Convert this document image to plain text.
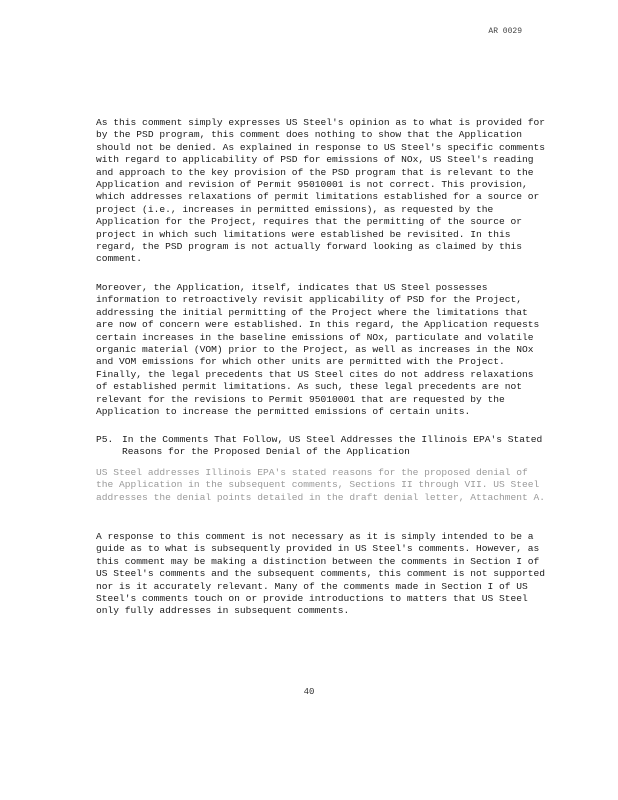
AR 0029

As this comment simply expresses US Steel's opinion as to what is provided for by the PSD program, this comment does nothing to show that the Application should not be denied. As explained in response to US Steel's specific comments with regard to applicability of PSD for emissions of NOx, US Steel's reading and approach to the key provision of the PSD program that is relevant to the Application and revision of Permit 95010001 is not correct. This provision, which addresses relaxations of permit limitations established for a source or project (i.e., increases in permitted emissions), as requested by the Application for the Project, requires that the permitting of the source or project in which such limitations were established be revisited. In this regard, the PSD program is not actually forward looking as claimed by this comment.

Moreover, the Application, itself, indicates that US Steel possesses information to retroactively revisit applicability of PSD for the Project, addressing the initial permitting of the Project where the limitations that are now of concern were established. In this regard, the Application requests certain increases in the baseline emissions of NOx, particulate and volatile organic material (VOM) prior to the Project, as well as increases in the NOx and VOM emissions for which other units are permitted with the Project. Finally, the legal precedents that US Steel cites do not address relaxations of established permit limitations. As such, these legal precedents are not relevant for the revisions to Permit 95010001 that are requested by the Application to increase the permitted emissions of certain units.

P5. In the Comments That Follow, US Steel Addresses the Illinois EPA's Stated Reasons for the Proposed Denial of the Application

US Steel addresses Illinois EPA's stated reasons for the proposed denial of the Application in the subsequent comments, Sections II through VII. US Steel addresses the denial points detailed in the draft denial letter, Attachment A.

A response to this comment is not necessary as it is simply intended to be a guide as to what is subsequently provided in US Steel's comments. However, as this comment may be making a distinction between the comments in Section I of US Steel's comments and the subsequent comments, this comment is not supported nor is it accurately relevant. Many of the comments made in Section I of US Steel's comments touch on or provide introductions to matters that US Steel only fully addresses in subsequent comments.

40
